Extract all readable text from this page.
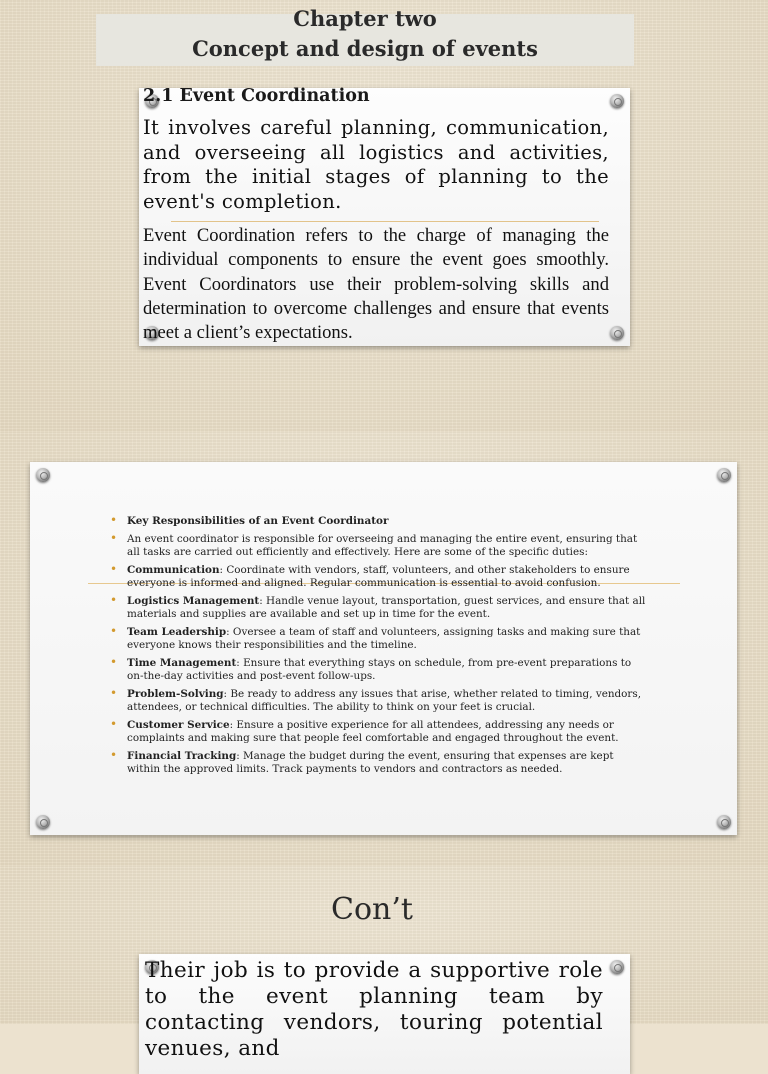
Chapter two
Concept and design of events
2.1 Event Coordination

It involves careful planning, communication, and overseeing all logistics and activities, from the initial stages of planning to the event's completion.

Event Coordination refers to the charge of managing the individual components to ensure the event goes smoothly. Event Coordinators use their problem-solving skills and determination to overcome challenges and ensure that events meet a client’s expectations.

• Key Responsibilities of an Event Coordinator
• An event coordinator is responsible for overseeing and managing the entire event, ensuring that all tasks are carried out efficiently and effectively. Here are some of the specific duties:
• Communication: Coordinate with vendors, staff, volunteers, and other stakeholders to ensure everyone is informed and aligned. Regular communication is essential to avoid confusion.
• Logistics Management: Handle venue layout, transportation, guest services, and ensure that all materials and supplies are available and set up in time for the event.
• Team Leadership: Oversee a team of staff and volunteers, assigning tasks and making sure that everyone knows their responsibilities and the timeline.
• Time Management: Ensure that everything stays on schedule, from pre-event preparations to on-the-day activities and post-event follow-ups.
• Problem-Solving: Be ready to address any issues that arise, whether related to timing, vendors, attendees, or technical difficulties. The ability to think on your feet is crucial.
• Customer Service: Ensure a positive experience for all attendees, addressing any needs or complaints and making sure that people feel comfortable and engaged throughout the event.
• Financial Tracking: Manage the budget during the event, ensuring that expenses are kept within the approved limits. Track payments to vendors and contractors as needed.
Con’t

Their job is to provide a supportive role to the event planning team by contacting vendors, touring potential venues, and
